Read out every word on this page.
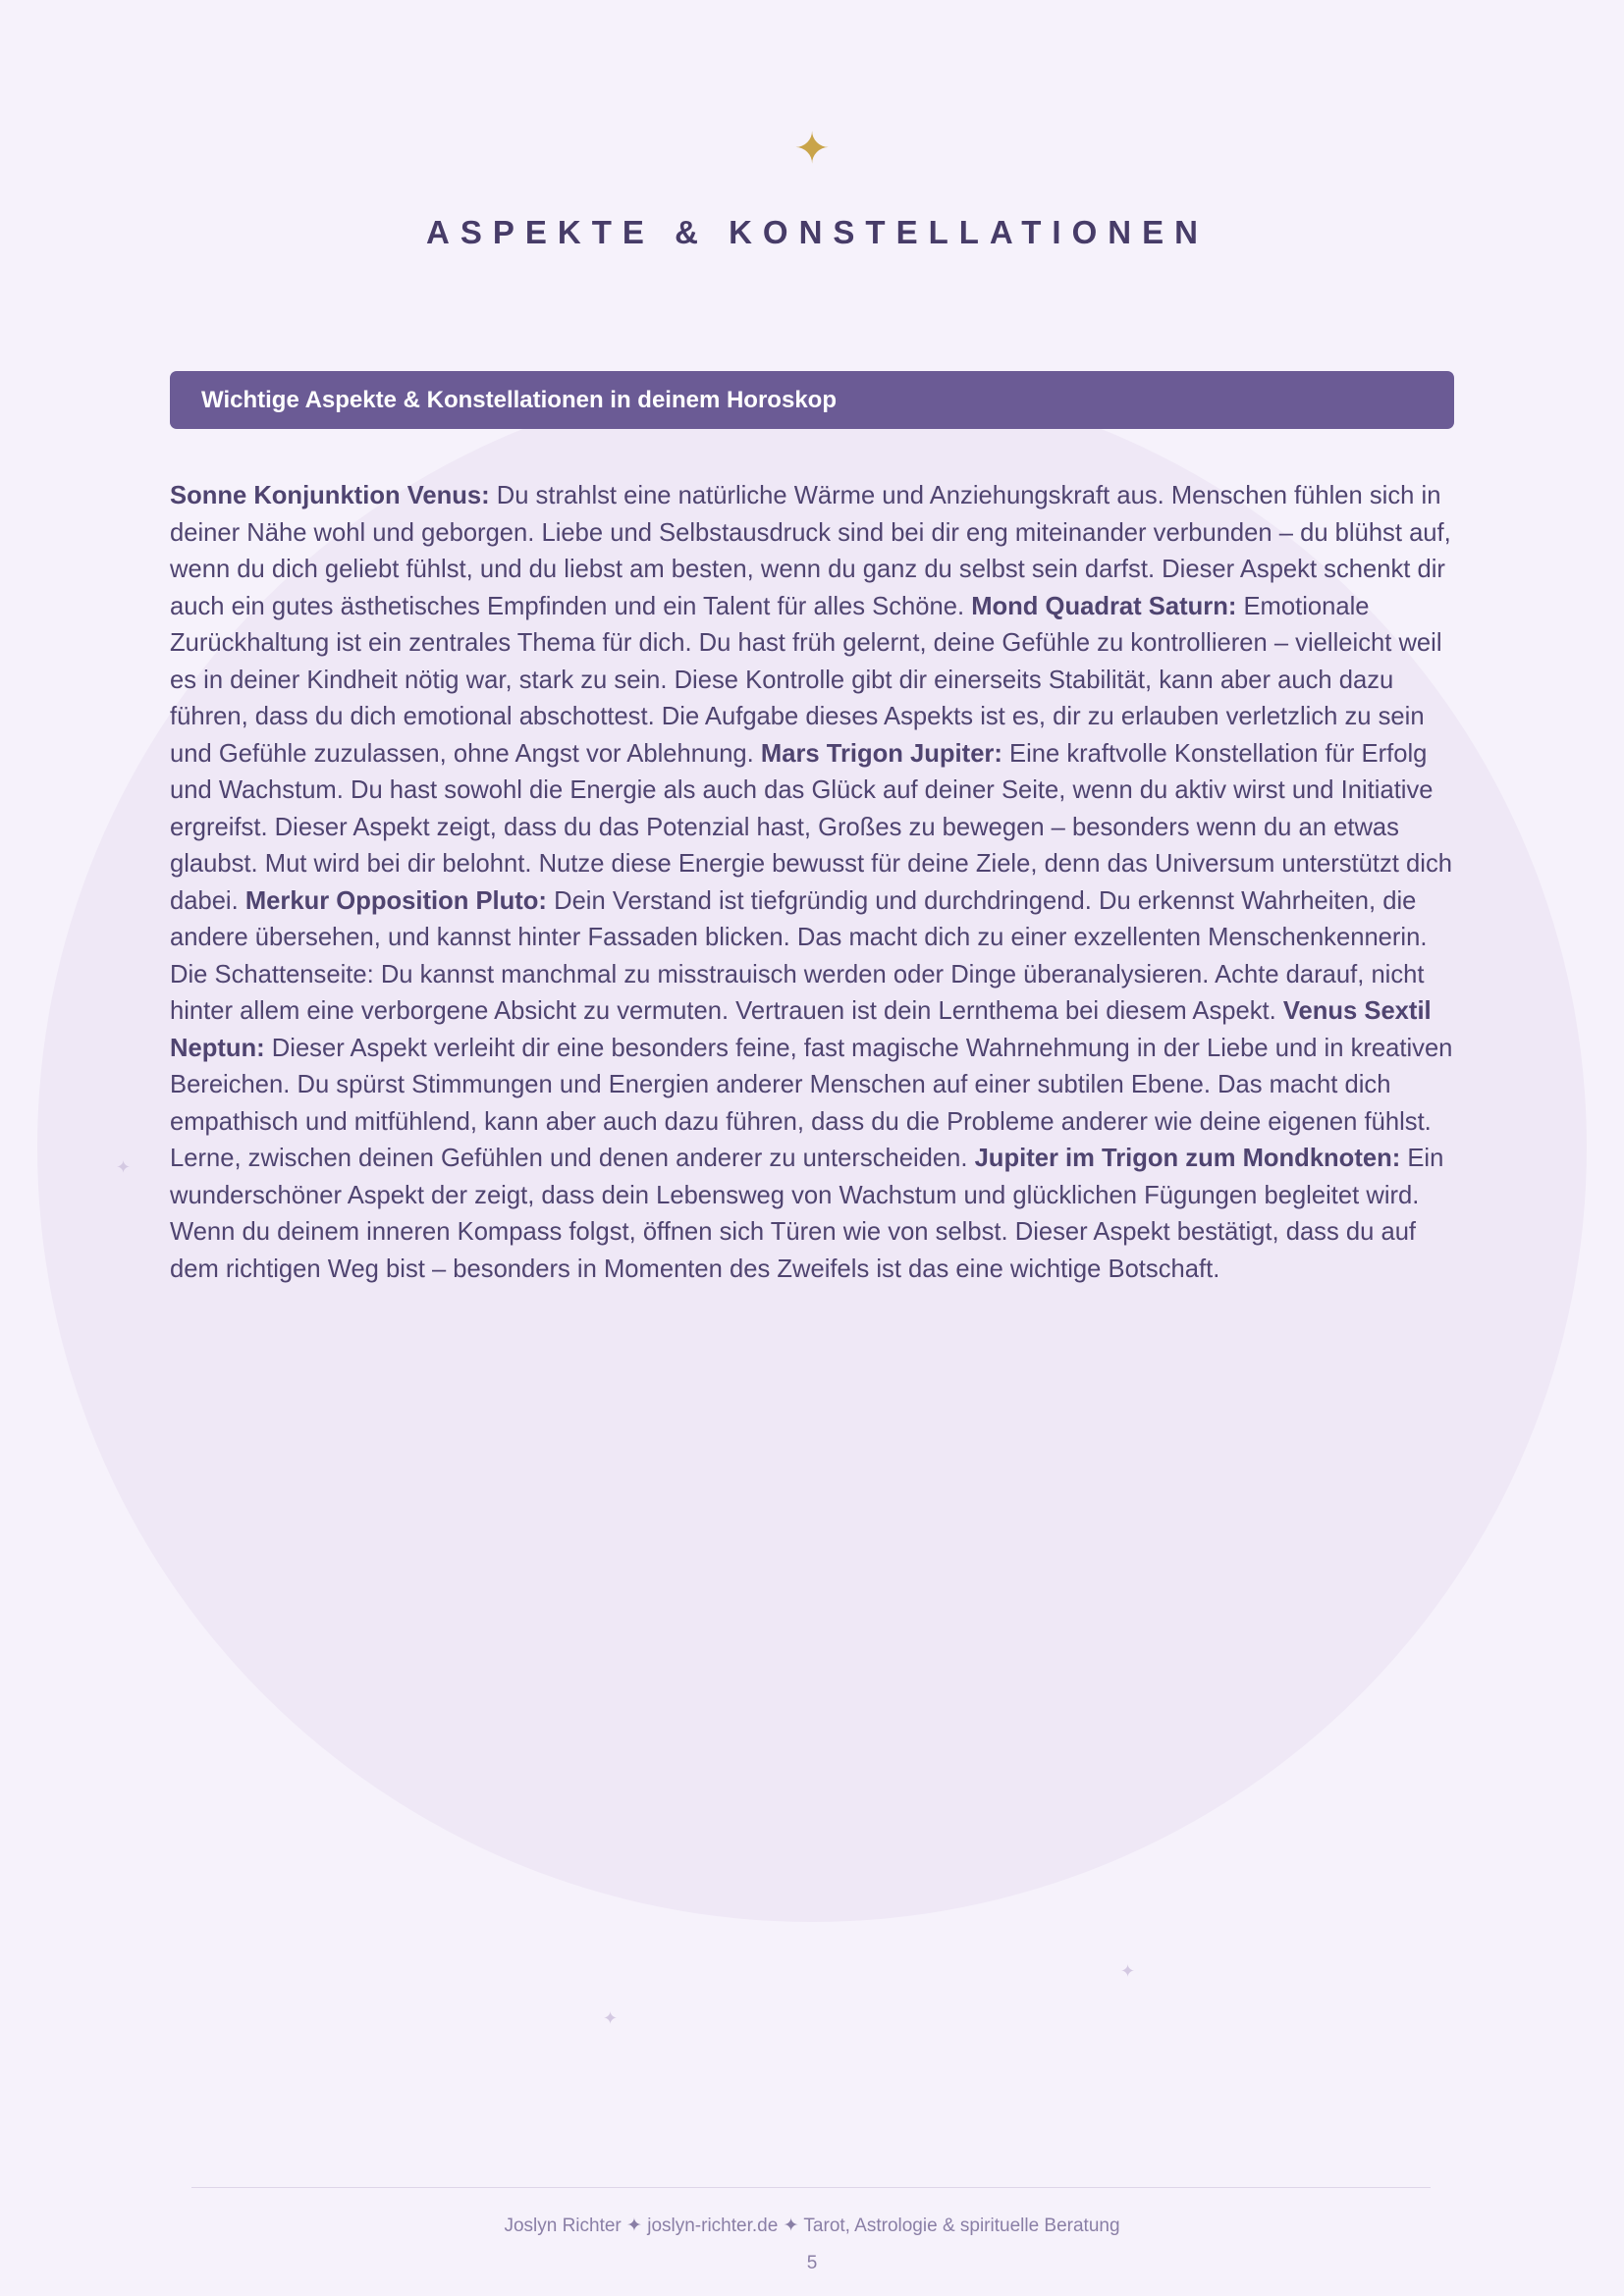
✦
✦
✦
✦
ASPEKTE & KONSTELLATIONEN
Wichtige Aspekte & Konstellationen in deinem Horoskop

Sonne Konjunktion Venus: Du strahlst eine natürliche Wärme und Anziehungskraft aus. Menschen fühlen sich in deiner Nähe wohl und geborgen. Liebe und Selbstausdruck sind bei dir eng miteinander verbunden – du blühst auf, wenn du dich geliebt fühlst, und du liebst am besten, wenn du ganz du selbst sein darfst. Dieser Aspekt schenkt dir auch ein gutes ästhetisches Empfinden und ein Talent für alles Schöne. Mond Quadrat Saturn: Emotionale Zurückhaltung ist ein zentrales Thema für dich. Du hast früh gelernt, deine Gefühle zu kontrollieren – vielleicht weil es in deiner Kindheit nötig war, stark zu sein. Diese Kontrolle gibt dir einerseits Stabilität, kann aber auch dazu führen, dass du dich emotional abschottest. Die Aufgabe dieses Aspekts ist es, dir zu erlauben verletzlich zu sein und Gefühle zuzulassen, ohne Angst vor Ablehnung. Mars Trigon Jupiter: Eine kraftvolle Konstellation für Erfolg und Wachstum. Du hast sowohl die Energie als auch das Glück auf deiner Seite, wenn du aktiv wirst und Initiative ergreifst. Dieser Aspekt zeigt, dass du das Potenzial hast, Großes zu bewegen – besonders wenn du an etwas glaubst. Mut wird bei dir belohnt. Nutze diese Energie bewusst für deine Ziele, denn das Universum unterstützt dich dabei. Merkur Opposition Pluto: Dein Verstand ist tiefgründig und durchdringend. Du erkennst Wahrheiten, die andere übersehen, und kannst hinter Fassaden blicken. Das macht dich zu einer exzellenten Menschenkennerin. Die Schattenseite: Du kannst manchmal zu misstrauisch werden oder Dinge überanalysieren. Achte darauf, nicht hinter allem eine verborgene Absicht zu vermuten. Vertrauen ist dein Lernthema bei diesem Aspekt. Venus Sextil Neptun: Dieser Aspekt verleiht dir eine besonders feine, fast magische Wahrnehmung in der Liebe und in kreativen Bereichen. Du spürst Stimmungen und Energien anderer Menschen auf einer subtilen Ebene. Das macht dich empathisch und mitfühlend, kann aber auch dazu führen, dass du die Probleme anderer wie deine eigenen fühlst. Lerne, zwischen deinen Gefühlen und denen anderer zu unterscheiden. Jupiter im Trigon zum Mondknoten: Ein wunderschöner Aspekt der zeigt, dass dein Lebensweg von Wachstum und glücklichen Fügungen begleitet wird. Wenn du deinem inneren Kompass folgst, öffnen sich Türen wie von selbst. Dieser Aspekt bestätigt, dass du auf dem richtigen Weg bist – besonders in Momenten des Zweifels ist das eine wichtige Botschaft.

Joslyn Richter ✦ joslyn-richter.de ✦ Tarot, Astrologie & spirituelle Beratung
5
